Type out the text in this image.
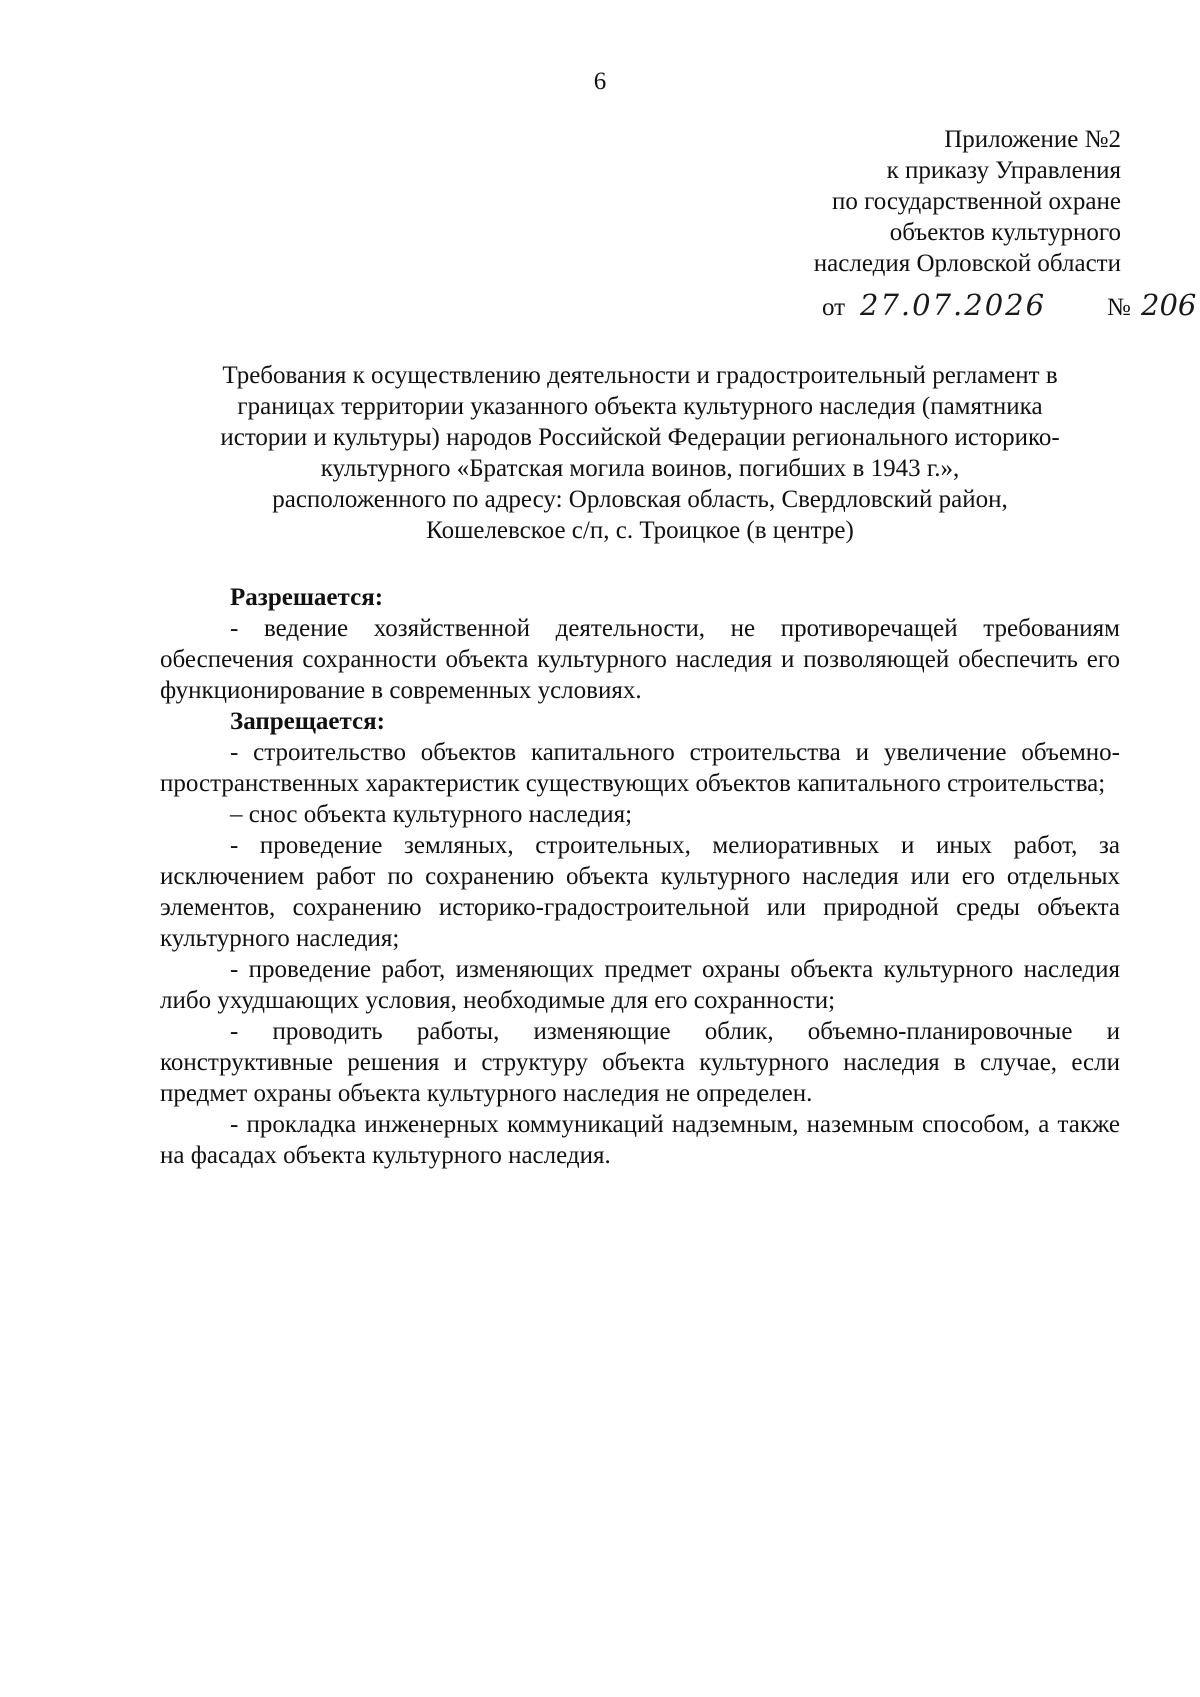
6
Приложение №2
к приказу Управления
по государственной охране
объектов культурного
наследия Орловской области
от 27.07.2026 № 206
Требования к осуществлению деятельности и градостроительный регламент в
границах территории указанного объекта культурного наследия (памятника
истории и культуры) народов Российской Федерации регионального историко-
культурного «Братская могила воинов, погибших в 1943 г.»,
расположенного по адресу: Орловская область, Свердловский район,
Кошелевское с/п, с. Троицкое (в центре)

Разрешается:

- ведение хозяйственной деятельности, не противоречащей требованиям обеспечения сохранности объекта культурного наследия и позволяющей обеспечить его функционирование в современных условиях.

Запрещается:

- строительство объектов капитального строительства и увеличение объемно-пространственных характеристик существующих объектов капитального строительства;

– снос объекта культурного наследия;

- проведение земляных, строительных, мелиоративных и иных работ, за исключением работ по сохранению объекта культурного наследия или его отдельных элементов, сохранению историко-градостроительной или природной среды объекта культурного наследия;

- проведение работ, изменяющих предмет охраны объекта культурного наследия либо ухудшающих условия, необходимые для его сохранности;

- проводить работы, изменяющие облик, объемно-планировочные и конструктивные решения и структуру объекта культурного наследия в случае, если предмет охраны объекта культурного наследия не определен.

- прокладка инженерных коммуникаций надземным, наземным способом, а также на фасадах объекта культурного наследия.
